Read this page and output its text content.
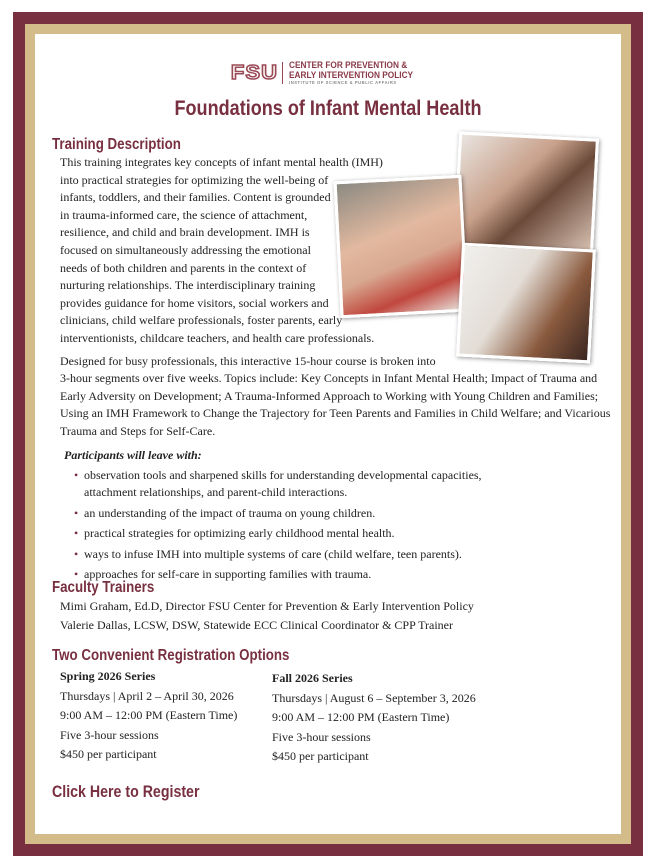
FSU CENTER FOR PREVENTION &
EARLY INTERVENTION POLICY
INSTITUTE OF SCIENCE & PUBLIC AFFAIRS
Foundations of Infant Mental Health
Training Description
This training integrates key concepts of infant mental health (IMH)
into practical strategies for optimizing the well-being of
infants, toddlers, and their families. Content is grounded
in trauma-informed care, the science of attachment,
resilience, and child and brain development. IMH is
focused on simultaneously addressing the emotional
needs of both children and parents in the context of
nurturing relationships. The interdisciplinary training
provides guidance for home visitors, social workers and
clinicians, child welfare professionals, foster parents, early
interventionists, childcare teachers, and health care professionals.
Designed for busy professionals, this interactive 15-hour course is broken into
3-hour segments over five weeks. Topics include: Key Concepts in Infant Mental Health; Impact of Trauma and
Early Adversity on Development; A Trauma-Informed Approach to Working with Young Children and Families;
Using an IMH Framework to Change the Trajectory for Teen Parents and Families in Child Welfare; and Vicarious
Trauma and Steps for Self-Care.
Participants will leave with:
• observation tools and sharpened skills for understanding developmental capacities,
attachment relationships, and parent-child interactions.
• an understanding of the impact of trauma on young children.
• practical strategies for optimizing early childhood mental health.
• ways to infuse IMH into multiple systems of care (child welfare, teen parents).
• approaches for self-care in supporting families with trauma.
Faculty Trainers
Mimi Graham, Ed.D, Director FSU Center for Prevention & Early Intervention Policy
Valerie Dallas, LCSW, DSW, Statewide ECC Clinical Coordinator & CPP Trainer
Two Convenient Registration Options
Spring 2026 Series
Thursdays | April 2 – April 30, 2026
9:00 AM – 12:00 PM (Eastern Time)
Five 3-hour sessions
$450 per participant
Fall 2026 Series
Thursdays | August 6 – September 3, 2026
9:00 AM – 12:00 PM (Eastern Time)
Five 3-hour sessions
$450 per participant
Click Here to Register
